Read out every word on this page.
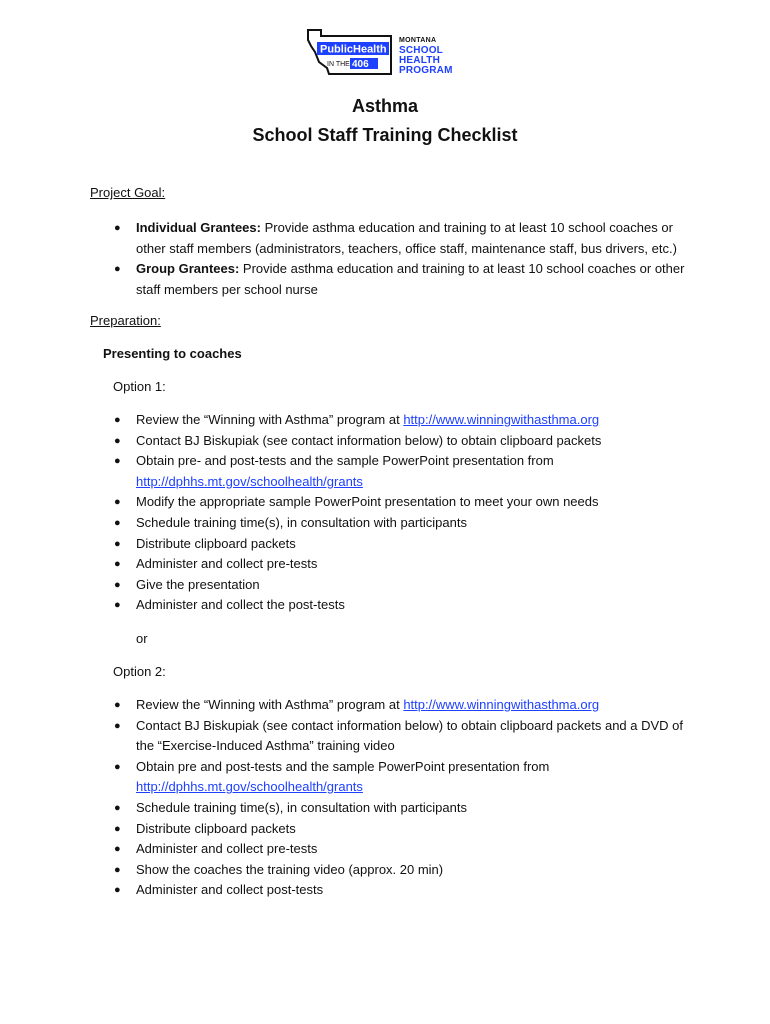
PublicHealth
IN THE 406
MONTANA
SCHOOL HEALTH
PROGRAM
Asthma
School Staff Training Checklist
Project Goal:
● Individual Grantees: Provide asthma education and training to at least 10 school coaches or
other staff members (administrators, teachers, office staff, maintenance staff, bus drivers, etc.)
● Group Grantees: Provide asthma education and training to at least 10 school coaches or other
staff members per school nurse
Preparation:
Presenting to coaches
Option 1:
● Review the “Winning with Asthma” program at http://www.winningwithasthma.org
● Contact BJ Biskupiak (see contact information below) to obtain clipboard packets
● Obtain pre- and post-tests and the sample PowerPoint presentation from
http://dphhs.mt.gov/schoolhealth/grants
● Modify the appropriate sample PowerPoint presentation to meet your own needs
● Schedule training time(s), in consultation with participants
● Distribute clipboard packets
● Administer and collect pre-tests
● Give the presentation
● Administer and collect the post-tests
or
Option 2:
● Review the “Winning with Asthma” program at http://www.winningwithasthma.org
● Contact BJ Biskupiak (see contact information below) to obtain clipboard packets and a DVD of
the “Exercise-Induced Asthma” training video
● Obtain pre and post-tests and the sample PowerPoint presentation from
http://dphhs.mt.gov/schoolhealth/grants
● Schedule training time(s), in consultation with participants
● Distribute clipboard packets
● Administer and collect pre-tests
● Show the coaches the training video (approx. 20 min)
● Administer and collect post-tests
